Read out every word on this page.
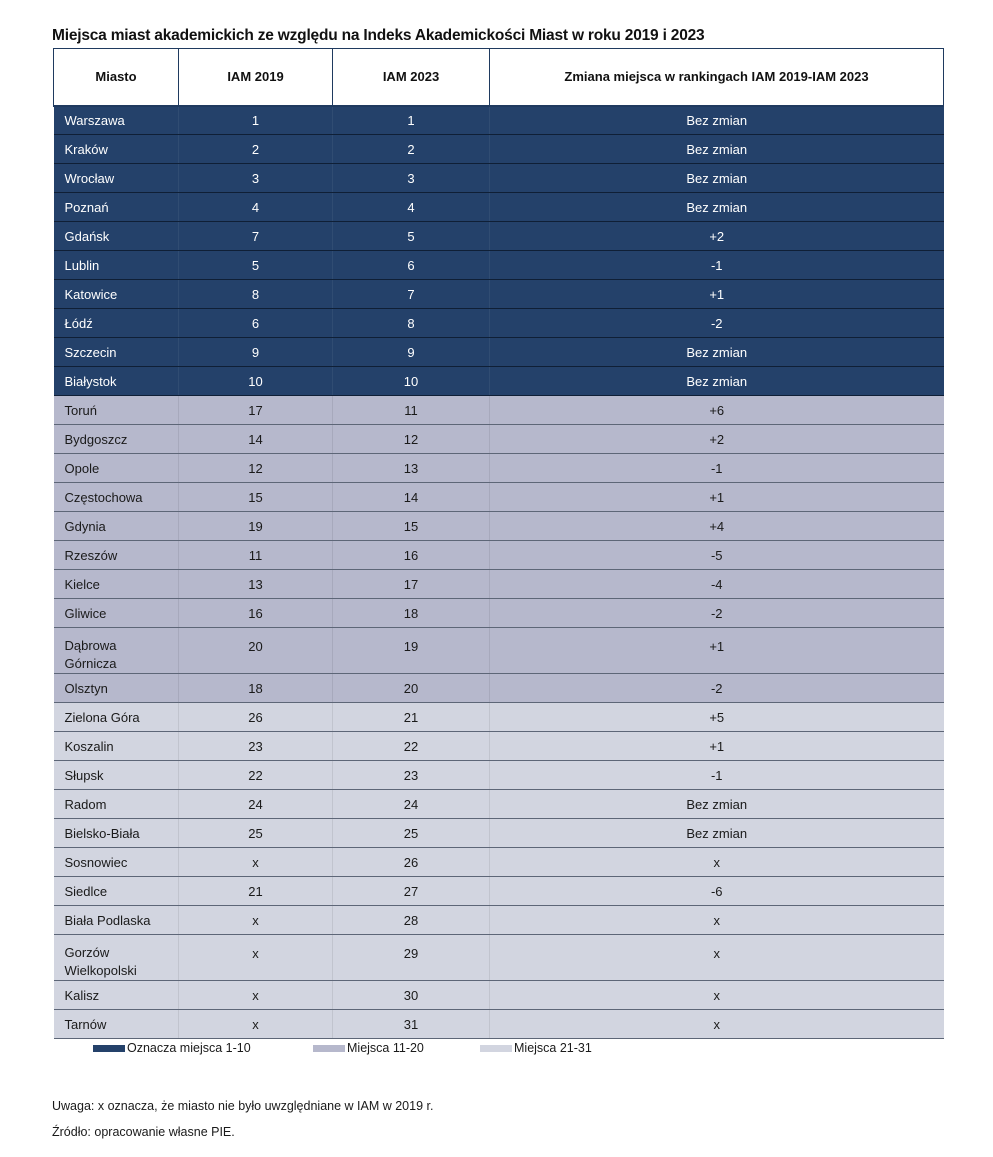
Miejsca miast akademickich ze względu na Indeks Akademickości Miast w roku 2019 i 2023
Miasto	IAM 2019	IAM 2023	Zmiana miejsca w rankingach IAM 2019-IAM 2023
Warszawa	1	1	Bez zmian
Kraków	2	2	Bez zmian
Wrocław	3	3	Bez zmian
Poznań	4	4	Bez zmian
Gdańsk	7	5	+2
Lublin	5	6	-1
Katowice	8	7	+1
Łódź	6	8	-2
Szczecin	9	9	Bez zmian
Białystok	10	10	Bez zmian
Toruń	17	11	+6
Bydgoszcz	14	12	+2
Opole	12	13	-1
Częstochowa	15	14	+1
Gdynia	19	15	+4
Rzeszów	11	16	-5
Kielce	13	17	-4
Gliwice	16	18	-2
Dąbrowa Górnicza	20	19	+1
Olsztyn	18	20	-2
Zielona Góra	26	21	+5
Koszalin	23	22	+1
Słupsk	22	23	-1
Radom	24	24	Bez zmian
Bielsko-Biała	25	25	Bez zmian
Sosnowiec	x	26	x
Siedlce	21	27	-6
Biała Podlaska	x	28	x
Gorzów Wielkopolski	x	29	x
Kalisz	x	30	x
Tarnów	x	31	x
Oznacza miejsca 1-10	Miejsca 11-20	Miejsca 21-31
Uwaga: x oznacza, że miasto nie było uwzględniane w IAM w 2019 r.
Źródło: opracowanie własne PIE.
